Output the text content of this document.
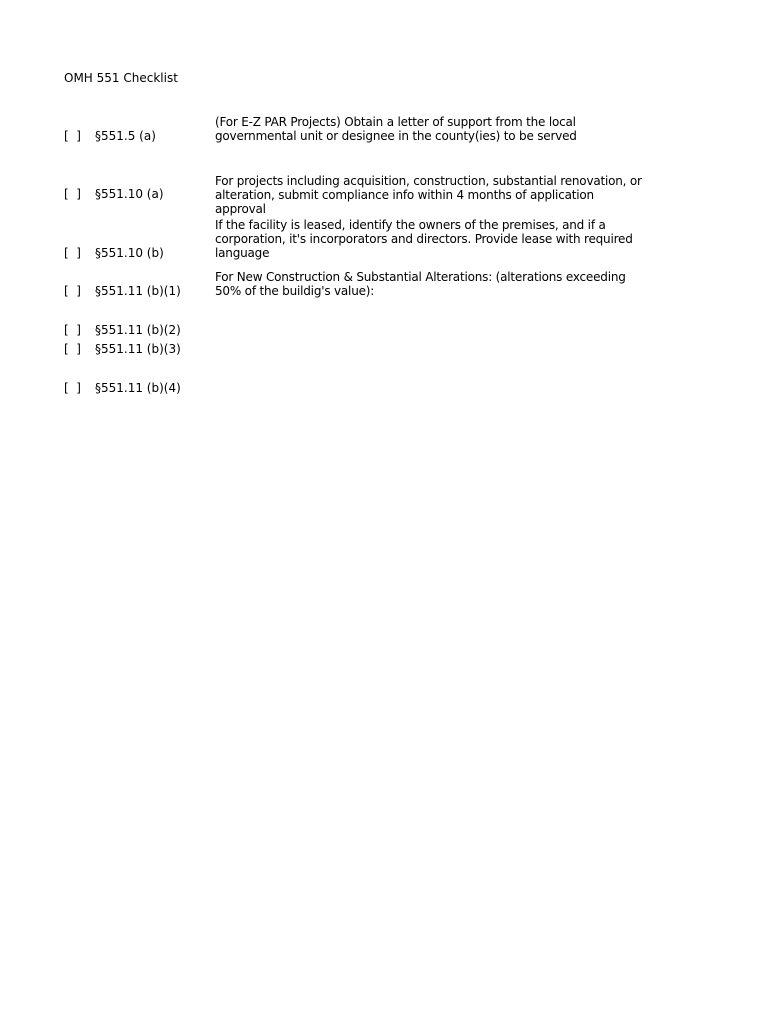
OMH 551 Checklist
[  ] §551.5 (a)
(For E-Z PAR Projects) Obtain a letter of support from the local governmental unit or designee in the county(ies) to be served
[  ] §551.10 (a)
For projects including acquisition, construction, substantial renovation, or alteration, submit compliance info within 4 months of application approval
[  ] §551.10 (b)
If the facility is leased, identify the owners of the premises, and if a corporation, it's incorporators and directors. Provide lease with required language
[  ] §551.11 (b)(1)
For New Construction & Substantial Alterations: (alterations exceeding 50% of the buildig's value):
[  ] §551.11 (b)(2)
[  ] §551.11 (b)(3)
[  ] §551.11 (b)(4)
